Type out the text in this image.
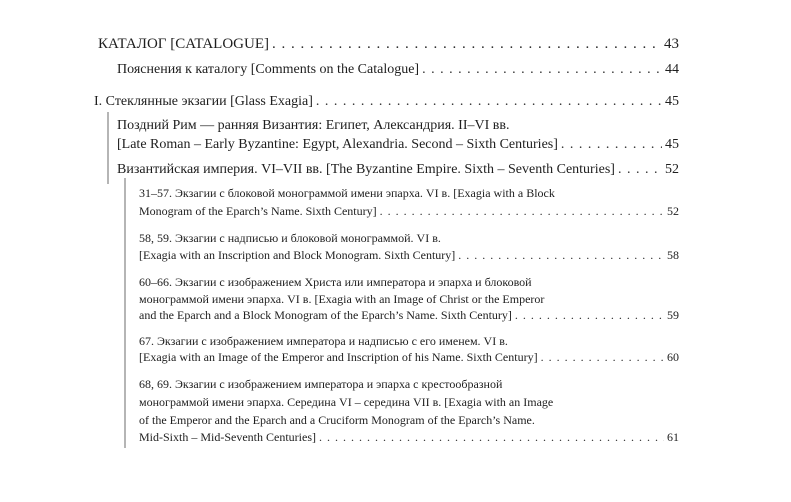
КАТАЛОГ [CATALOGUE] . . .	43
Пояснения к каталогу [Comments on the Catalogue] . . .	44
I. Стеклянные экзагии [Glass Exagia] . . .	45
Поздний Рим — ранняя Византия: Египет, Александрия. II–VI вв.
[Late Roman – Early Byzantine: Egypt, Alexandria. Second – Sixth Centuries] . . .	45
Византийская империя. VI–VII вв. [The Byzantine Empire. Sixth – Seventh Centuries] . . .	52
31–57. Экзагии с блоковой монограммой имени эпарха. VI в. [Exagia with a Block
Monogram of the Eparch’s Name. Sixth Century] . . .	52
58, 59. Экзагии с надписью и блоковой монограммой. VI в.
[Exagia with an Inscription and Block Monogram. Sixth Century] . . .	58
60–66. Экзагии с изображением Христа или императора и эпарха и блоковой
монограммой имени эпарха. VI в. [Exagia with an Image of Christ or the Emperor
and the Eparch and a Block Monogram of the Eparch’s Name. Sixth Century] . . .	59
67. Экзагии с изображением императора и надписью с его именем. VI в.
[Exagia with an Image of the Emperor and Inscription of his Name. Sixth Century] . . .	60
68, 69. Экзагии с изображением императора и эпарха с крестообразной
монограммой имени эпарха. Середина VI – середина VII в. [Exagia with an Image
of the Emperor and the Eparch and a Cruciform Monogram of the Eparch’s Name.
Mid-Sixth – Mid-Seventh Centuries] . . .	61
